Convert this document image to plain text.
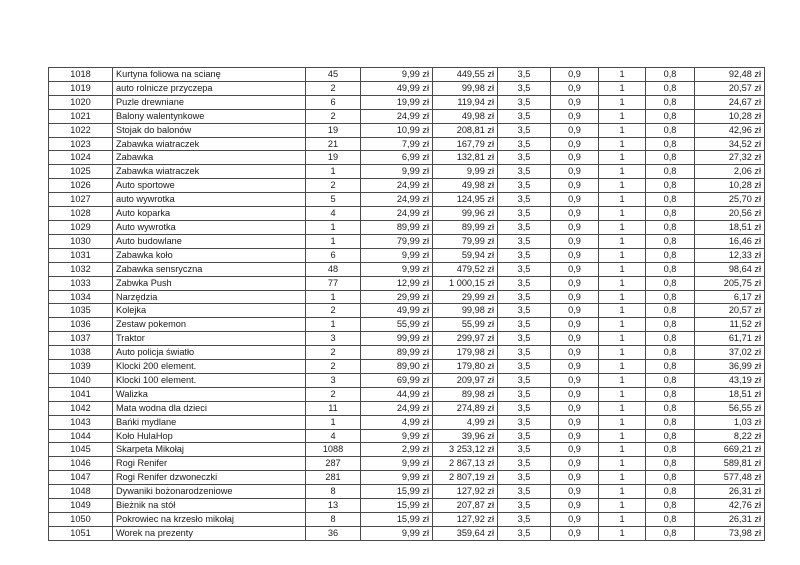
1018	Kurtyna foliowa na scianę	45	9,99 zł	449,55 zł	3,5	0,9	1	0,8	92,48 zł
1019	auto rolnicze przyczepa	2	49,99 zł	99,98 zł	3,5	0,9	1	0,8	20,57 zł
1020	Puzle drewniane	6	19,99 zł	119,94 zł	3,5	0,9	1	0,8	24,67 zł
1021	Balony walentynkowe	2	24,99 zł	49,98 zł	3,5	0,9	1	0,8	10,28 zł
1022	Stojak do balonów	19	10,99 zł	208,81 zł	3,5	0,9	1	0,8	42,96 zł
1023	Zabawka wiatraczek	21	7,99 zł	167,79 zł	3,5	0,9	1	0,8	34,52 zł
1024	Zabawka	19	6,99 zł	132,81 zł	3,5	0,9	1	0,8	27,32 zł
1025	Zabawka wiatraczek	1	9,99 zł	9,99 zł	3,5	0,9	1	0,8	2,06 zł
1026	Auto sportowe	2	24,99 zł	49,98 zł	3,5	0,9	1	0,8	10,28 zł
1027	auto wywrotka	5	24,99 zł	124,95 zł	3,5	0,9	1	0,8	25,70 zł
1028	Auto koparka	4	24,99 zł	99,96 zł	3,5	0,9	1	0,8	20,56 zł
1029	Auto wywrotka	1	89,99 zł	89,99 zł	3,5	0,9	1	0,8	18,51 zł
1030	Auto budowlane	1	79,99 zł	79,99 zł	3,5	0,9	1	0,8	16,46 zł
1031	Zabawka koło	6	9,99 zł	59,94 zł	3,5	0,9	1	0,8	12,33 zł
1032	Zabawka sensryczna	48	9,99 zł	479,52 zł	3,5	0,9	1	0,8	98,64 zł
1033	Zabwka Push	77	12,99 zł	1 000,15 zł	3,5	0,9	1	0,8	205,75 zł
1034	Narzędzia	1	29,99 zł	29,99 zł	3,5	0,9	1	0,8	6,17 zł
1035	Kolejka	2	49,99 zł	99,98 zł	3,5	0,9	1	0,8	20,57 zł
1036	Zestaw pokemon	1	55,99 zł	55,99 zł	3,5	0,9	1	0,8	11,52 zł
1037	Traktor	3	99,99 zł	299,97 zł	3,5	0,9	1	0,8	61,71 zł
1038	Auto policja światło	2	89,99 zł	179,98 zł	3,5	0,9	1	0,8	37,02 zł
1039	Klocki 200 element.	2	89,90 zł	179,80 zł	3,5	0,9	1	0,8	36,99 zł
1040	Klocki 100 element.	3	69,99 zł	209,97 zł	3,5	0,9	1	0,8	43,19 zł
1041	Walizka	2	44,99 zł	89,98 zł	3,5	0,9	1	0,8	18,51 zł
1042	Mata wodna dla dzieci	11	24,99 zł	274,89 zł	3,5	0,9	1	0,8	56,55 zł
1043	Bańki mydlane	1	4,99 zł	4,99 zł	3,5	0,9	1	0,8	1,03 zł
1044	Koło HulaHop	4	9,99 zł	39,96 zł	3,5	0,9	1	0,8	8,22 zł
1045	Skarpeta Mikołaj	1088	2,99 zł	3 253,12 zł	3,5	0,9	1	0,8	669,21 zł
1046	Rogi Renifer	287	9,99 zł	2 867,13 zł	3,5	0,9	1	0,8	589,81 zł
1047	Rogi Renifer dzwoneczki	281	9,99 zł	2 807,19 zł	3,5	0,9	1	0,8	577,48 zł
1048	Dywaniki bożonarodzeniowe	8	15,99 zł	127,92 zł	3,5	0,9	1	0,8	26,31 zł
1049	Bieżnik na stół	13	15,99 zł	207,87 zł	3,5	0,9	1	0,8	42,76 zł
1050	Pokrowiec na krzesło mikołaj	8	15,99 zł	127,92 zł	3,5	0,9	1	0,8	26,31 zł
1051	Worek na prezenty	36	9,99 zł	359,64 zł	3,5	0,9	1	0,8	73,98 zł
